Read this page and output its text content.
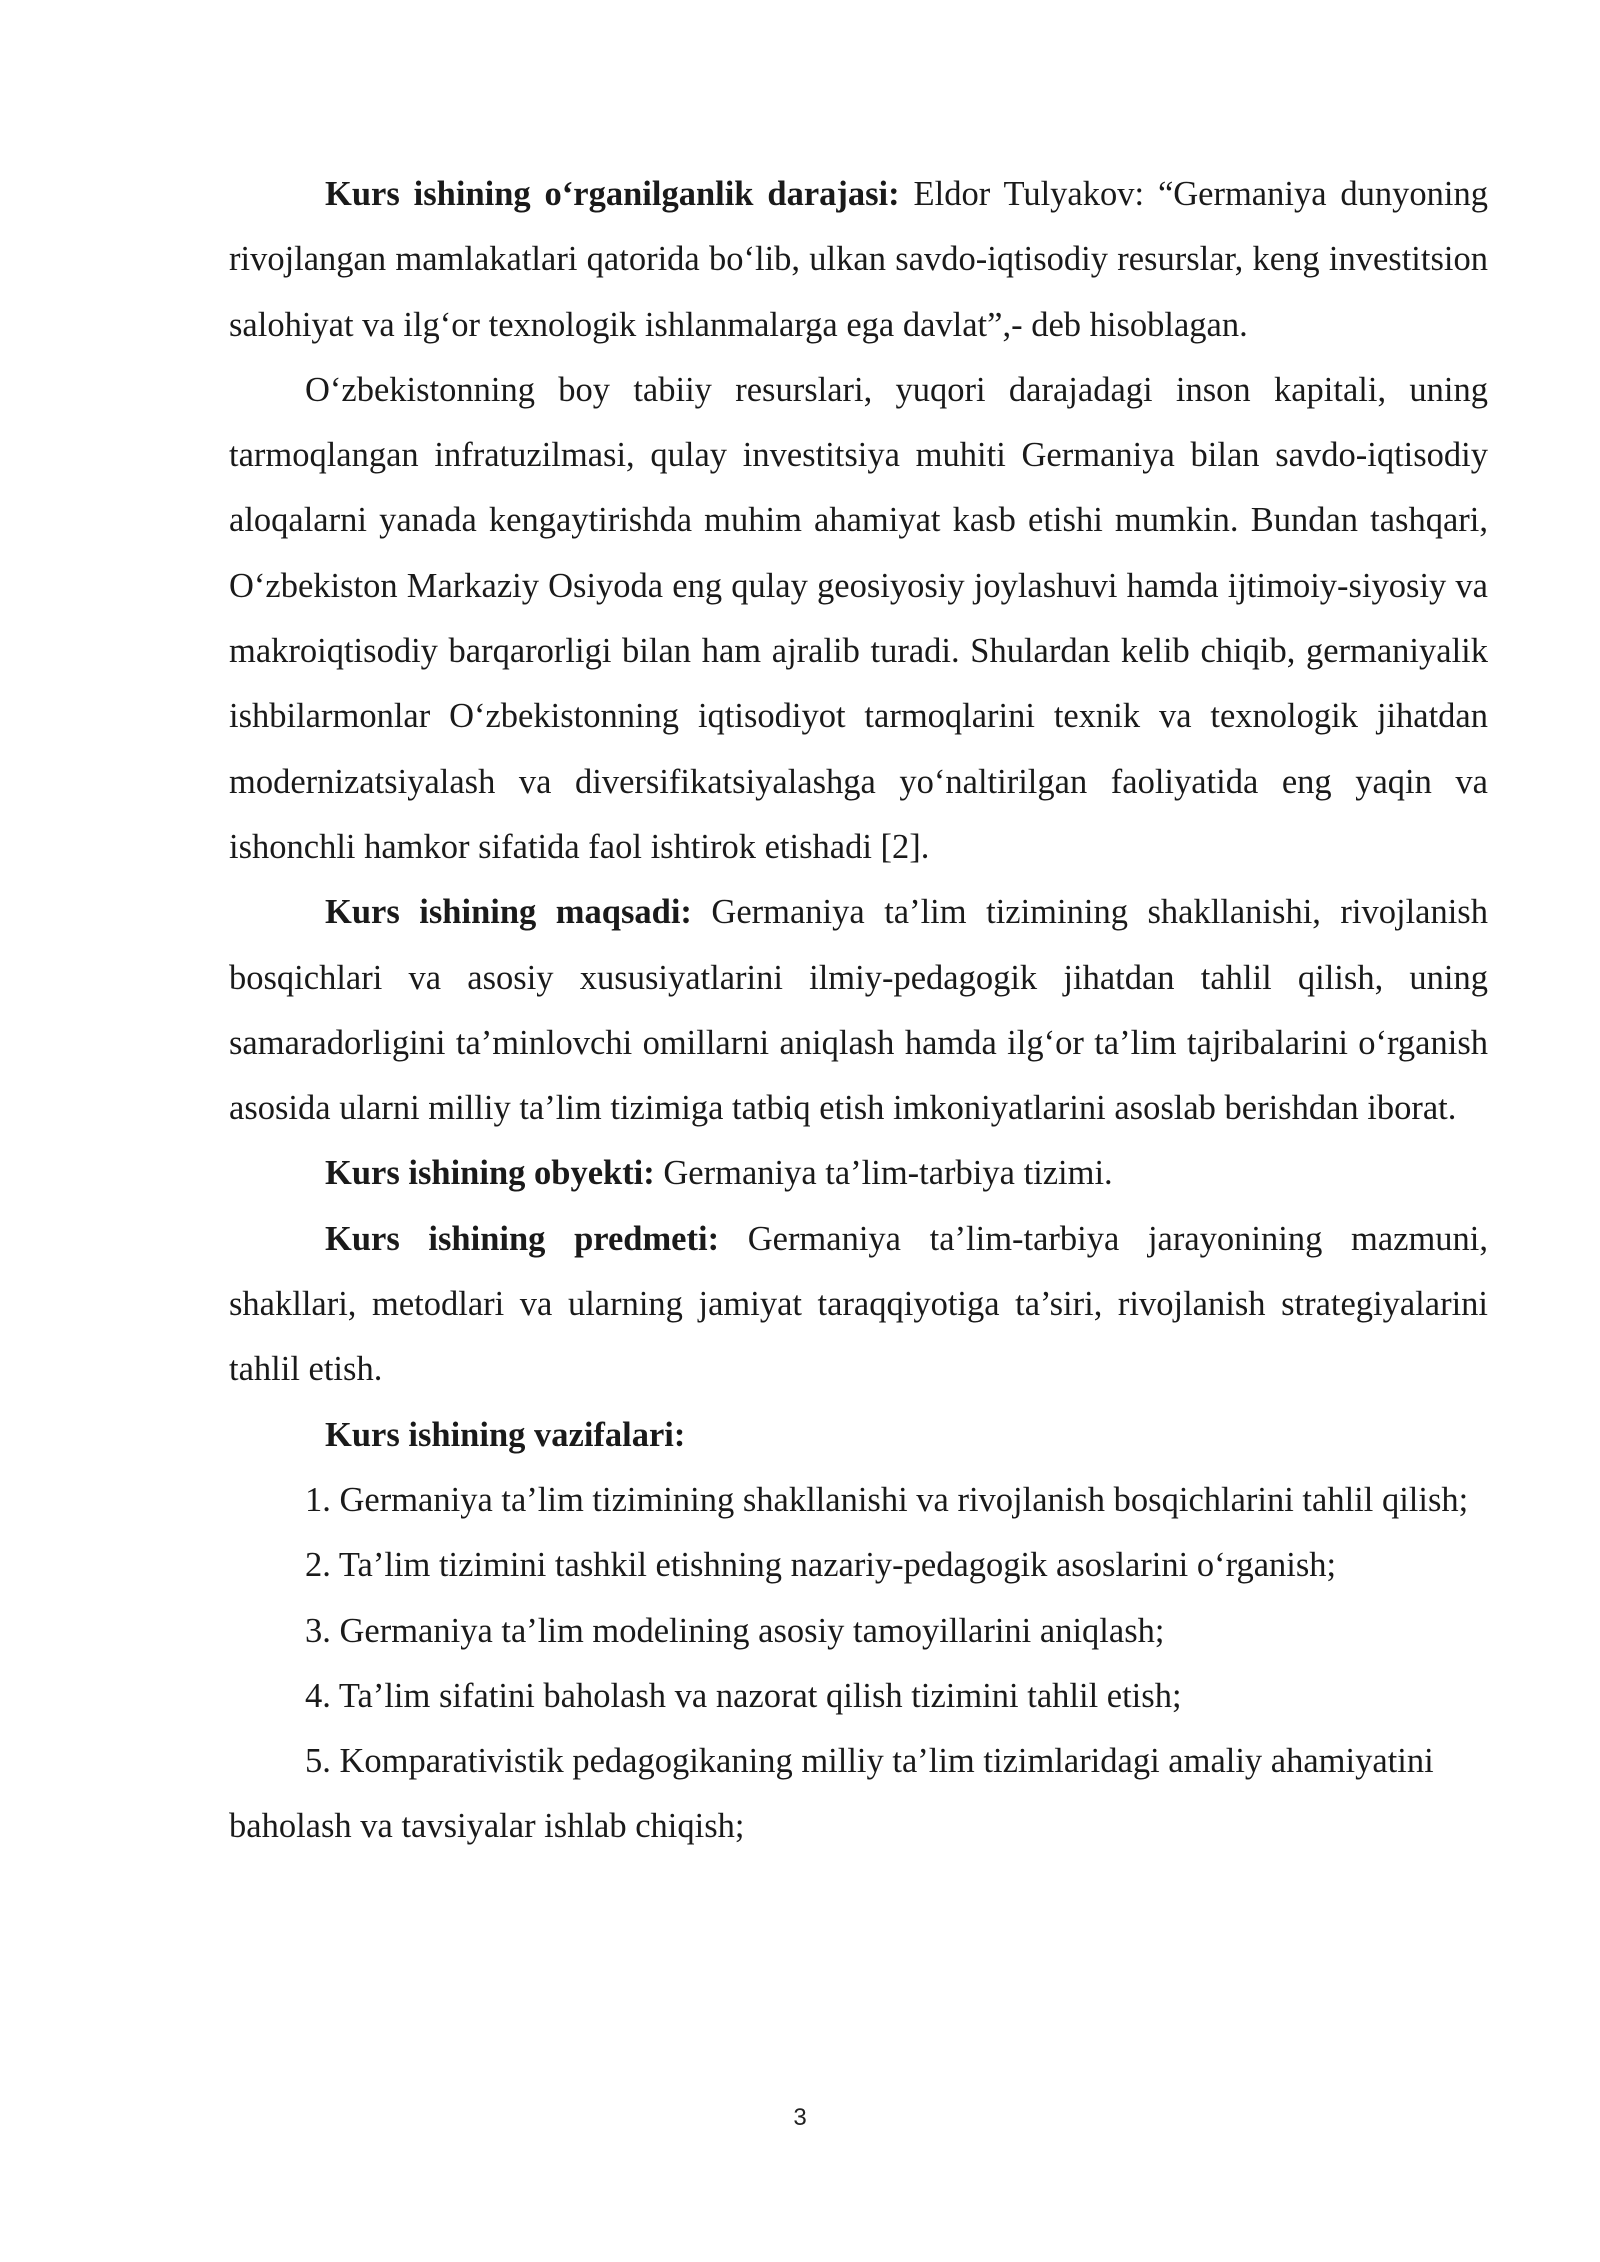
Kurs ishining o‘rganilganlik darajasi: Eldor Tulyakov: “Germaniya dunyoning rivojlangan mamlakatlari qatorida bo‘lib, ulkan savdo-iqtisodiy resurslar, keng investitsion salohiyat va ilg‘or texnologik ishlanmalarga ega davlat”,- deb hisoblagan.

O‘zbekistonning boy tabiiy resurslari, yuqori darajadagi inson kapitali, uning tarmoqlangan infratuzilmasi, qulay investitsiya muhiti Germaniya bilan savdo-iqtisodiy aloqalarni yanada kengaytirishda muhim ahamiyat kasb etishi mumkin. Bundan tashqari, O‘zbekiston Markaziy Osiyoda eng qulay geosiyosiy joylashuvi hamda ijtimoiy-siyosiy va makroiqtisodiy barqarorligi bilan ham ajralib turadi. Shulardan kelib chiqib, germaniyalik ishbilarmonlar O‘zbekistonning iqtisodiyot tarmoqlarini texnik va texnologik jihatdan modernizatsiyalash va diversifikatsiyalashga yo‘naltirilgan faoliyatida eng yaqin va ishonchli hamkor sifatida faol ishtirok etishadi [2].

Kurs ishining maqsadi: Germaniya ta’lim tizimining shakllanishi, rivojlanish bosqichlari va asosiy xususiyatlarini ilmiy-pedagogik jihatdan tahlil qilish, uning samaradorligini ta’minlovchi omillarni aniqlash hamda ilg‘or ta’lim tajribalarini o‘rganish asosida ularni milliy ta’lim tizimiga tatbiq etish imkoniyatlarini asoslab berishdan iborat.

Kurs ishining obyekti: Germaniya ta’lim-tarbiya tizimi.

Kurs ishining predmeti: Germaniya ta’lim-tarbiya jarayonining mazmuni, shakllari, metodlari va ularning jamiyat taraqqiyotiga ta’siri, rivojlanish strategiyalarini tahlil etish.

Kurs ishining vazifalari:

1. Germaniya ta’lim tizimining shakllanishi va rivojlanish bosqichlarini tahlil qilish;

2. Ta’lim tizimini tashkil etishning nazariy-pedagogik asoslarini o‘rganish;

3. Germaniya ta’lim modelining asosiy tamoyillarini aniqlash;

4. Ta’lim sifatini baholash va nazorat qilish tizimini tahlil etish;

5. Komparativistik pedagogikaning milliy ta’lim tizimlaridagi amaliy ahamiyatini baholash va tavsiyalar ishlab chiqish;

3
